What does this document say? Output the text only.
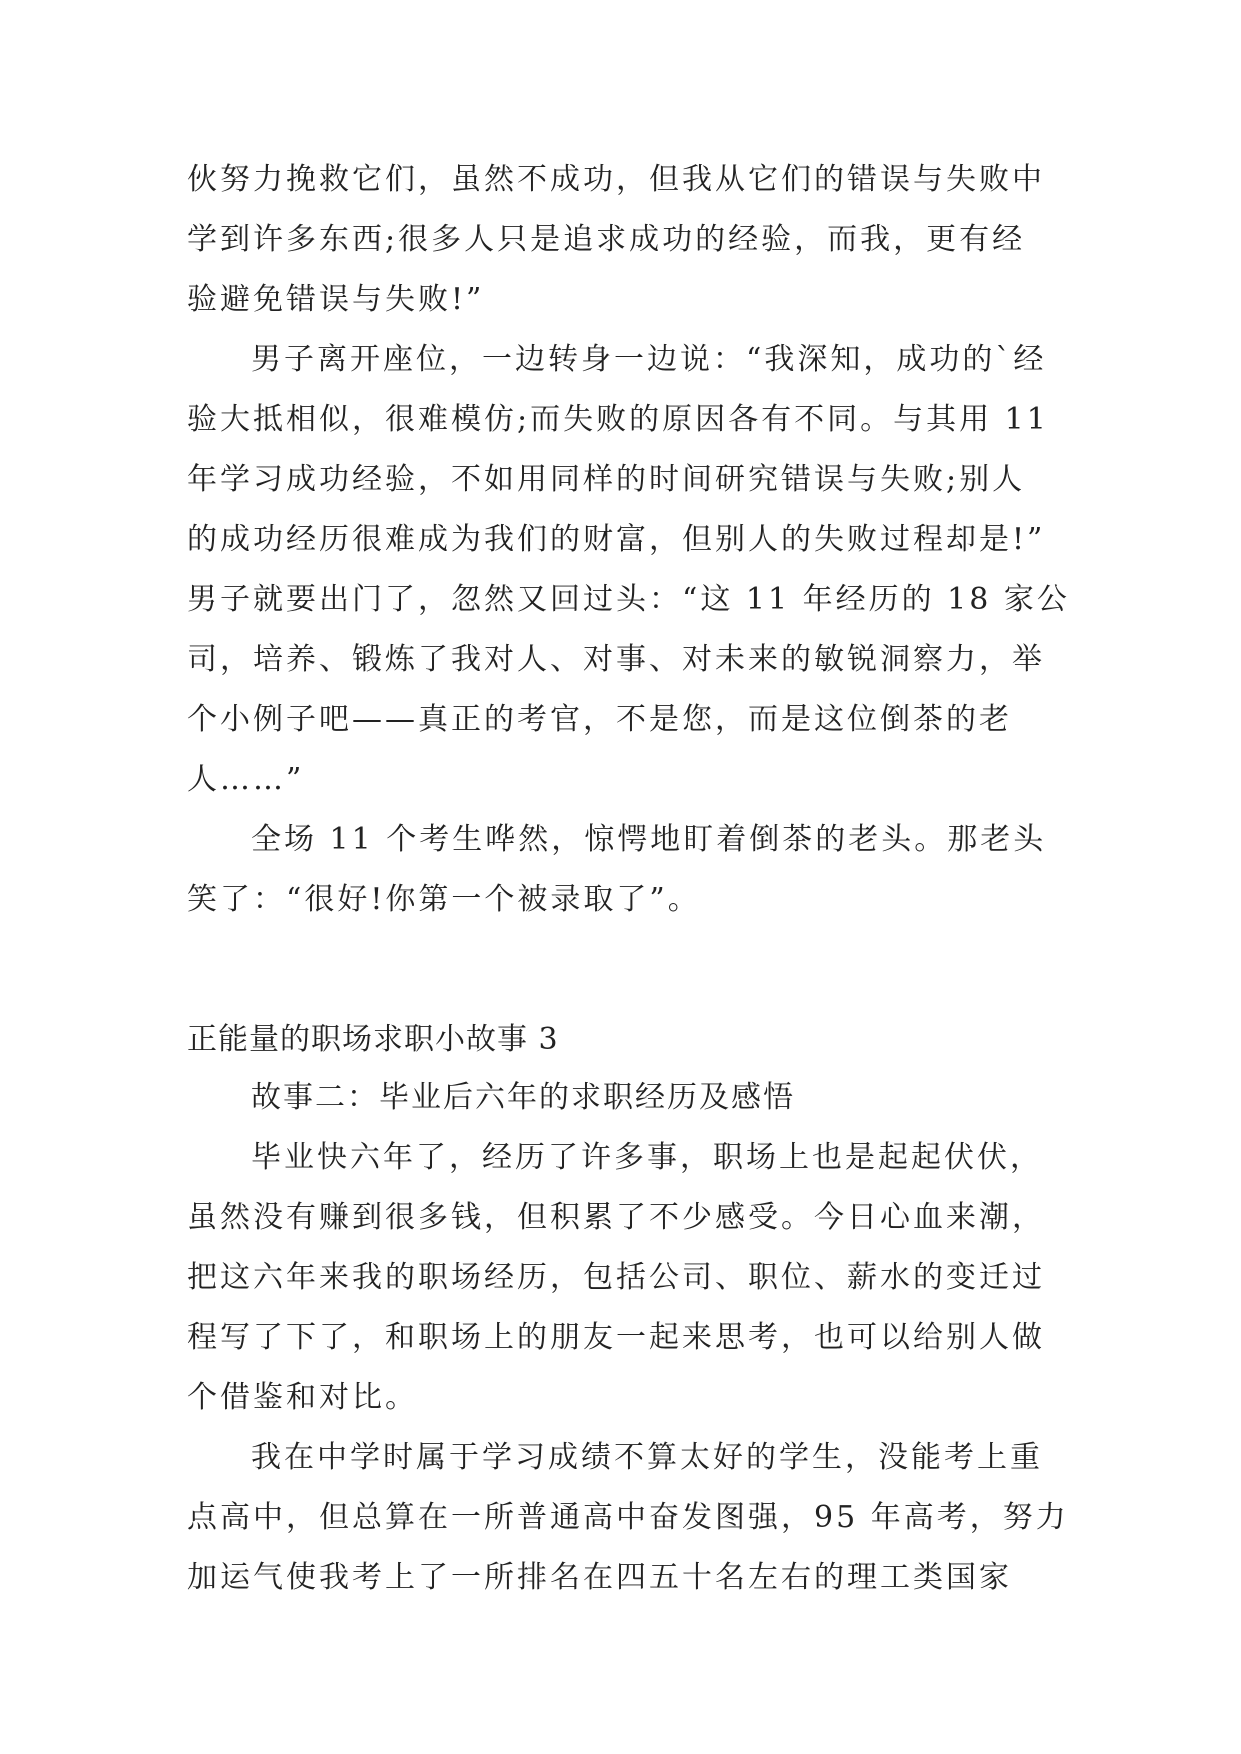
伙努力挽救它们，虽然不成功，但我从它们的错误与失败中
学到许多东西;很多人只是追求成功的经验，而我，更有经
验避免错误与失败!”
男子离开座位，一边转身一边说：“我深知，成功的`经
验大抵相似，很难模仿;而失败的原因各有不同。与其用 11
年学习成功经验，不如用同样的时间研究错误与失败;别人
的成功经历很难成为我们的财富，但别人的失败过程却是!”
男子就要出门了，忽然又回过头：“这 11 年经历的 18 家公
司，培养、锻炼了我对人、对事、对未来的敏锐洞察力，举
个小例子吧——真正的考官，不是您，而是这位倒茶的老
人……”
全场 11 个考生哗然，惊愕地盯着倒茶的老头。那老头
笑了：“很好!你第一个被录取了”。
正能量的职场求职小故事 3
故事二：毕业后六年的求职经历及感悟
毕业快六年了，经历了许多事，职场上也是起起伏伏，
虽然没有赚到很多钱，但积累了不少感受。今日心血来潮，
把这六年来我的职场经历，包括公司、职位、薪水的变迁过
程写了下了，和职场上的朋友一起来思考，也可以给别人做
个借鉴和对比。
我在中学时属于学习成绩不算太好的学生，没能考上重
点高中，但总算在一所普通高中奋发图强，95 年高考，努力
加运气使我考上了一所排名在四五十名左右的理工类国家
